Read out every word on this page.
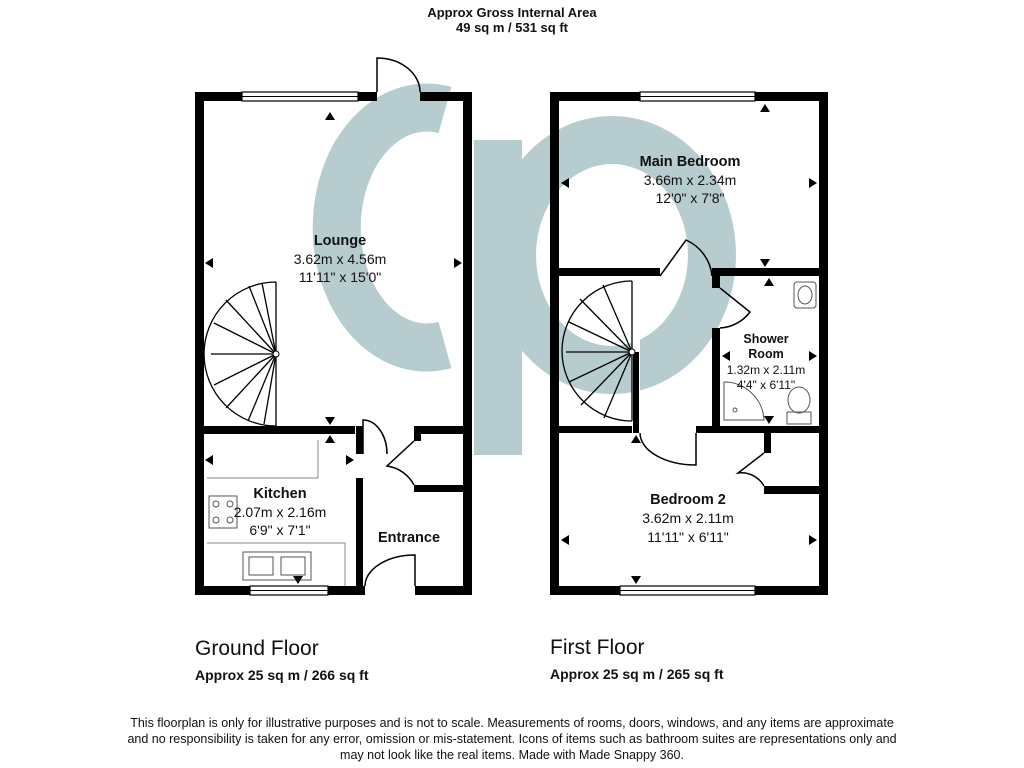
Approx Gross Internal Area
49 sq m / 531 sq ft
Lounge
3.62m x 4.56m
11'11" x 15'0"
Kitchen
2.07m x 2.16m
6'9" x 7'1"	Entrance
Main Bedroom
3.66m x 2.34m
12'0" x 7'8"
Shower
Room
1.32m x 2.11m
4'4" x 6'11"
Bedroom 2
3.62m x 2.11m
11'11" x 6'11"
Ground Floor
Approx 25 sq m / 266 sq ft
First Floor
Approx 25 sq m / 265 sq ft
This floorplan is only for illustrative purposes and is not to scale. Measurements of rooms, doors, windows, and any items are approximate
and no responsibility is taken for any error, omission or mis-statement. Icons of items such as bathroom suites are representations only and
may not look like the real items. Made with Made Snappy 360.
